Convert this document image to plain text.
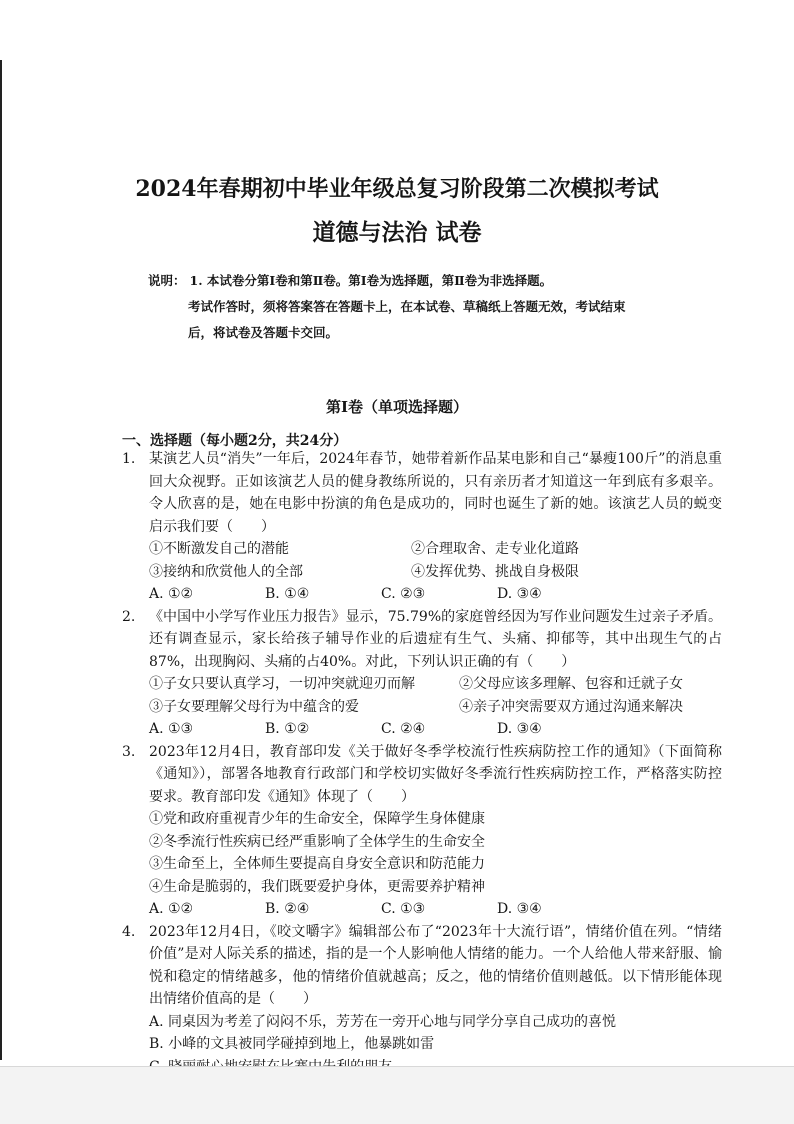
2024年春期初中毕业年级总复习阶段第二次模拟考试
道德与法治 试卷
说明： 1. 本试卷分第Ⅰ卷和第Ⅱ卷。第Ⅰ卷为选择题，第Ⅱ卷为非选择题。
考试作答时，须将答案答在答题卡上，在本试卷、草稿纸上答题无效，考试结束
后，将试卷及答题卡交回。
第Ⅰ卷（单项选择题）
一、选择题（每小题2分，共24分）
1. 某演艺人员“消失”一年后，2024年春节，她带着新作品某电影和自己“暴瘦100斤”的消息重回大众视野。正如该演艺人员的健身教练所说的，只有亲历者才知道这一年到底有多艰辛。令人欣喜的是，她在电影中扮演的角色是成功的，同时也诞生了新的她。该演艺人员的蜕变启示我们要（　　）
①不断激发自己的潜能	②合理取舍、走专业化道路
③接纳和欣赏他人的全部	④发挥优势、挑战自身极限
A. ①②	B. ①④	C. ②③	D. ③④
2. 《中国中小学写作业压力报告》显示，75.79%的家庭曾经因为写作业问题发生过亲子矛盾。还有调查显示，家长给孩子辅导作业的后遗症有生气、头痛、抑郁等，其中出现生气的占87%，出现胸闷、头痛的占40%。对此，下列认识正确的有（　　）
①子女只要认真学习，一切冲突就迎刃而解	②父母应该多理解、包容和迁就子女
③子女要理解父母行为中蕴含的爱	④亲子冲突需要双方通过沟通来解决
A. ①③	B. ①②	C. ②④	D. ③④
3. 2023年12月4日，教育部印发《关于做好冬季学校流行性疾病防控工作的通知》（下面简称《通知》），部署各地教育行政部门和学校切实做好冬季流行性疾病防控工作，严格落实防控要求。教育部印发《通知》体现了（　　）
①党和政府重视青少年的生命安全，保障学生身体健康
②冬季流行性疾病已经严重影响了全体学生的生命安全
③生命至上，全体师生要提高自身安全意识和防范能力
④生命是脆弱的，我们既要爱护身体，更需要养护精神
A. ①②	B. ②④	C. ①③	D. ③④
4. 2023年12月4日，《咬文嚼字》编辑部公布了“2023年十大流行语”，情绪价值在列。“情绪价值”是对人际关系的描述，指的是一个人影响他人情绪的能力。一个人给他人带来舒服、愉悦和稳定的情绪越多，他的情绪价值就越高；反之，他的情绪价值则越低。以下情形能体现出情绪价值高的是（　　）
A. 同桌因为考差了闷闷不乐，芳芳在一旁开心地与同学分享自己成功的喜悦
B. 小峰的文具被同学碰掉到地上，他暴跳如雷
